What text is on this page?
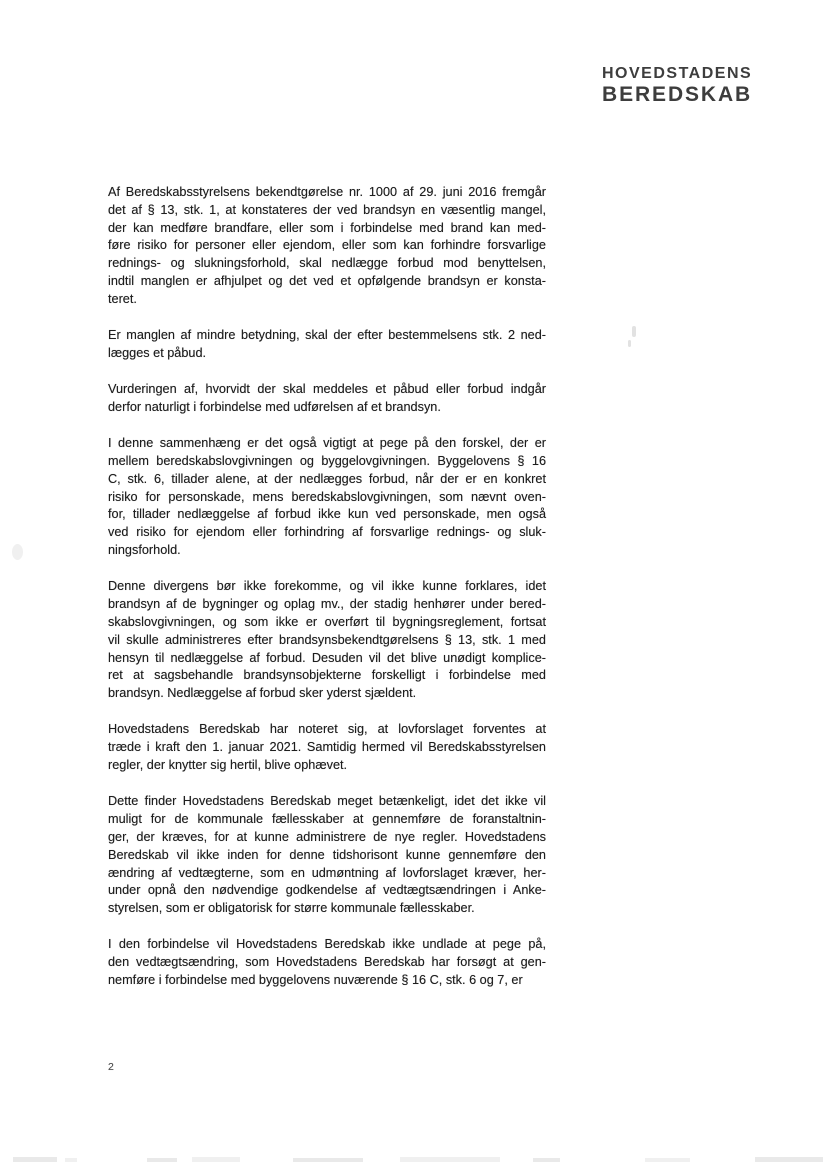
HOVEDSTADENS
BEREDSKAB
Af Beredskabsstyrelsens bekendtgørelse nr. 1000 af 29. juni 2016 fremgår
det af § 13, stk. 1, at konstateres der ved brandsyn en væsentlig mangel,
der kan medføre brandfare, eller som i forbindelse med brand kan med-
føre risiko for personer eller ejendom, eller som kan forhindre forsvarlige
rednings- og slukningsforhold, skal nedlægge forbud mod benyttelsen,
indtil manglen er afhjulpet og det ved et opfølgende brandsyn er konsta-
teret.
Er manglen af mindre betydning, skal der efter bestemmelsens stk. 2 ned-
lægges et påbud.
Vurderingen af, hvorvidt der skal meddeles et påbud eller forbud indgår
derfor naturligt i forbindelse med udførelsen af et brandsyn.
I denne sammenhæng er det også vigtigt at pege på den forskel, der er
mellem beredskabslovgivningen og byggelovgivningen. Byggelovens § 16
C, stk. 6, tillader alene, at der nedlægges forbud, når der er en konkret
risiko for personskade, mens beredskabslovgivningen, som nævnt oven-
for, tillader nedlæggelse af forbud ikke kun ved personskade, men også
ved risiko for ejendom eller forhindring af forsvarlige rednings- og sluk-
ningsforhold.
Denne divergens bør ikke forekomme, og vil ikke kunne forklares, idet
brandsyn af de bygninger og oplag mv., der stadig henhører under bered-
skabslovgivningen, og som ikke er overført til bygningsreglement, fortsat
vil skulle administreres efter brandsynsbekendtgørelsens § 13, stk. 1 med
hensyn til nedlæggelse af forbud. Desuden vil det blive unødigt komplice-
ret at sagsbehandle brandsynsobjekterne forskelligt i forbindelse med
brandsyn. Nedlæggelse af forbud sker yderst sjældent.
Hovedstadens Beredskab har noteret sig, at lovforslaget forventes at
træde i kraft den 1. januar 2021. Samtidig hermed vil Beredskabsstyrelsen
regler, der knytter sig hertil, blive ophævet.
Dette finder Hovedstadens Beredskab meget betænkeligt, idet det ikke vil
muligt for de kommunale fællesskaber at gennemføre de foranstaltnin-
ger, der kræves, for at kunne administrere de nye regler. Hovedstadens
Beredskab vil ikke inden for denne tidshorisont kunne gennemføre den
ændring af vedtægterne, som en udmøntning af lovforslaget kræver, her-
under opnå den nødvendige godkendelse af vedtægtsændringen i Anke-
styrelsen, som er obligatorisk for større kommunale fællesskaber.
I den forbindelse vil Hovedstadens Beredskab ikke undlade at pege på,
den vedtægtsændring, som Hovedstadens Beredskab har forsøgt at gen-
nemføre i forbindelse med byggelovens nuværende § 16 C, stk. 6 og 7, er
2
